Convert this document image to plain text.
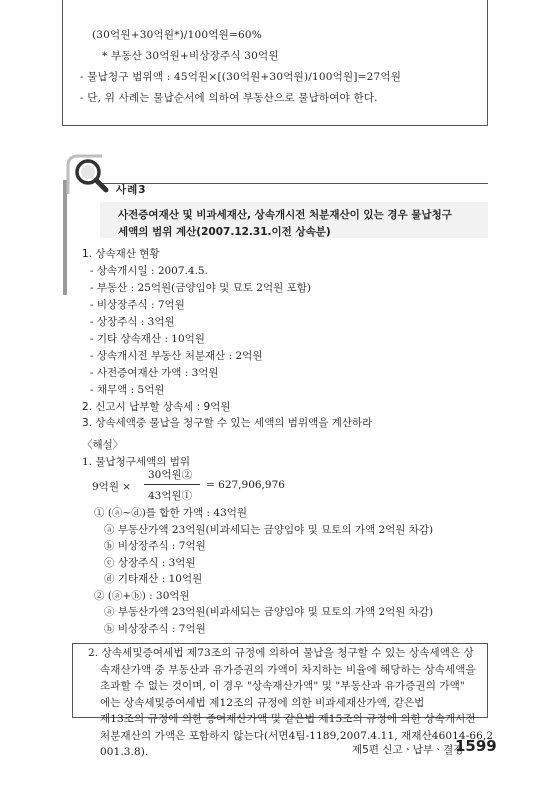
(30억원+30억원*)/100억원=60%
* 부동산 30억원+비상장주식 30억원
- 물납청구 범위액 : 45억원×[(30억원+30억원)/100억원]=27억원
- 단, 위 사례는 물납순서에 의하여 부동산으로 물납하여야 한다.
사례3
사전증여재산 및 비과세재산, 상속개시전 처분재산이 있는 경우 물납청구
세액의 범위 계산(2007.12.31.이전 상속분)
1. 상속재산 현황
- 상속개시일 : 2007.4.5.
- 부동산 : 25억원(금양임야 및 묘토 2억원 포함)
- 비상장주식 : 7억원
- 상장주식 : 3억원
- 기타 상속재산 : 10억원
- 상속개시전 부동산 처분재산 : 2억원
- 사전증여재산 가액 : 3억원
- 채무액 : 5억원
2. 신고시 납부할 상속세 : 9억원
3. 상속세액중 물납을 청구할 수 있는 세액의 범위액을 계산하라
〈해설〉
1. 물납청구세액의 범위
9억원 ×
30억원②
43억원①
= 627,906,976
① (ⓐ~ⓓ)를 합한 가액 : 43억원
ⓐ 부동산가액 23억원(비과세되는 금양임야 및 묘토의 가액 2억원 차감)
ⓑ 비상장주식 : 7억원
ⓒ 상장주식 : 3억원
ⓓ 기타재산 : 10억원
2. 상속세및증여세법 제73조의 규정에 의하여 물납을 청구할 수 있는 상속세액은 상
속재산가액 중 부동산과 유가증권의 가액이 차지하는 비율에 해당하는 상속세액을
초과할 수 없는 것이며, 이 경우 "상속재산가액" 및 "부동산과 유가증권의 가액"
에는 상속세및증여세법 제12조의 규정에 의한 비과세재산가액, 같은법
제13조의 규정에 의한 증여재산가액 및 같은법 제15조의 규정에 의한 상속개시전
처분재산의 가액은 포함하지 않는다(서면4팀-1189,2007.4.11, 재재산46014-66,2
001.3.8).	제5편 신고ㆍ납부ㆍ결정
1599
② (ⓐ+ⓑ) : 30억원
ⓐ 부동산가액 23억원(비과세되는 금양임야 및 묘토의 가액 2억원 차감)
ⓑ 비상장주식 : 7억원
